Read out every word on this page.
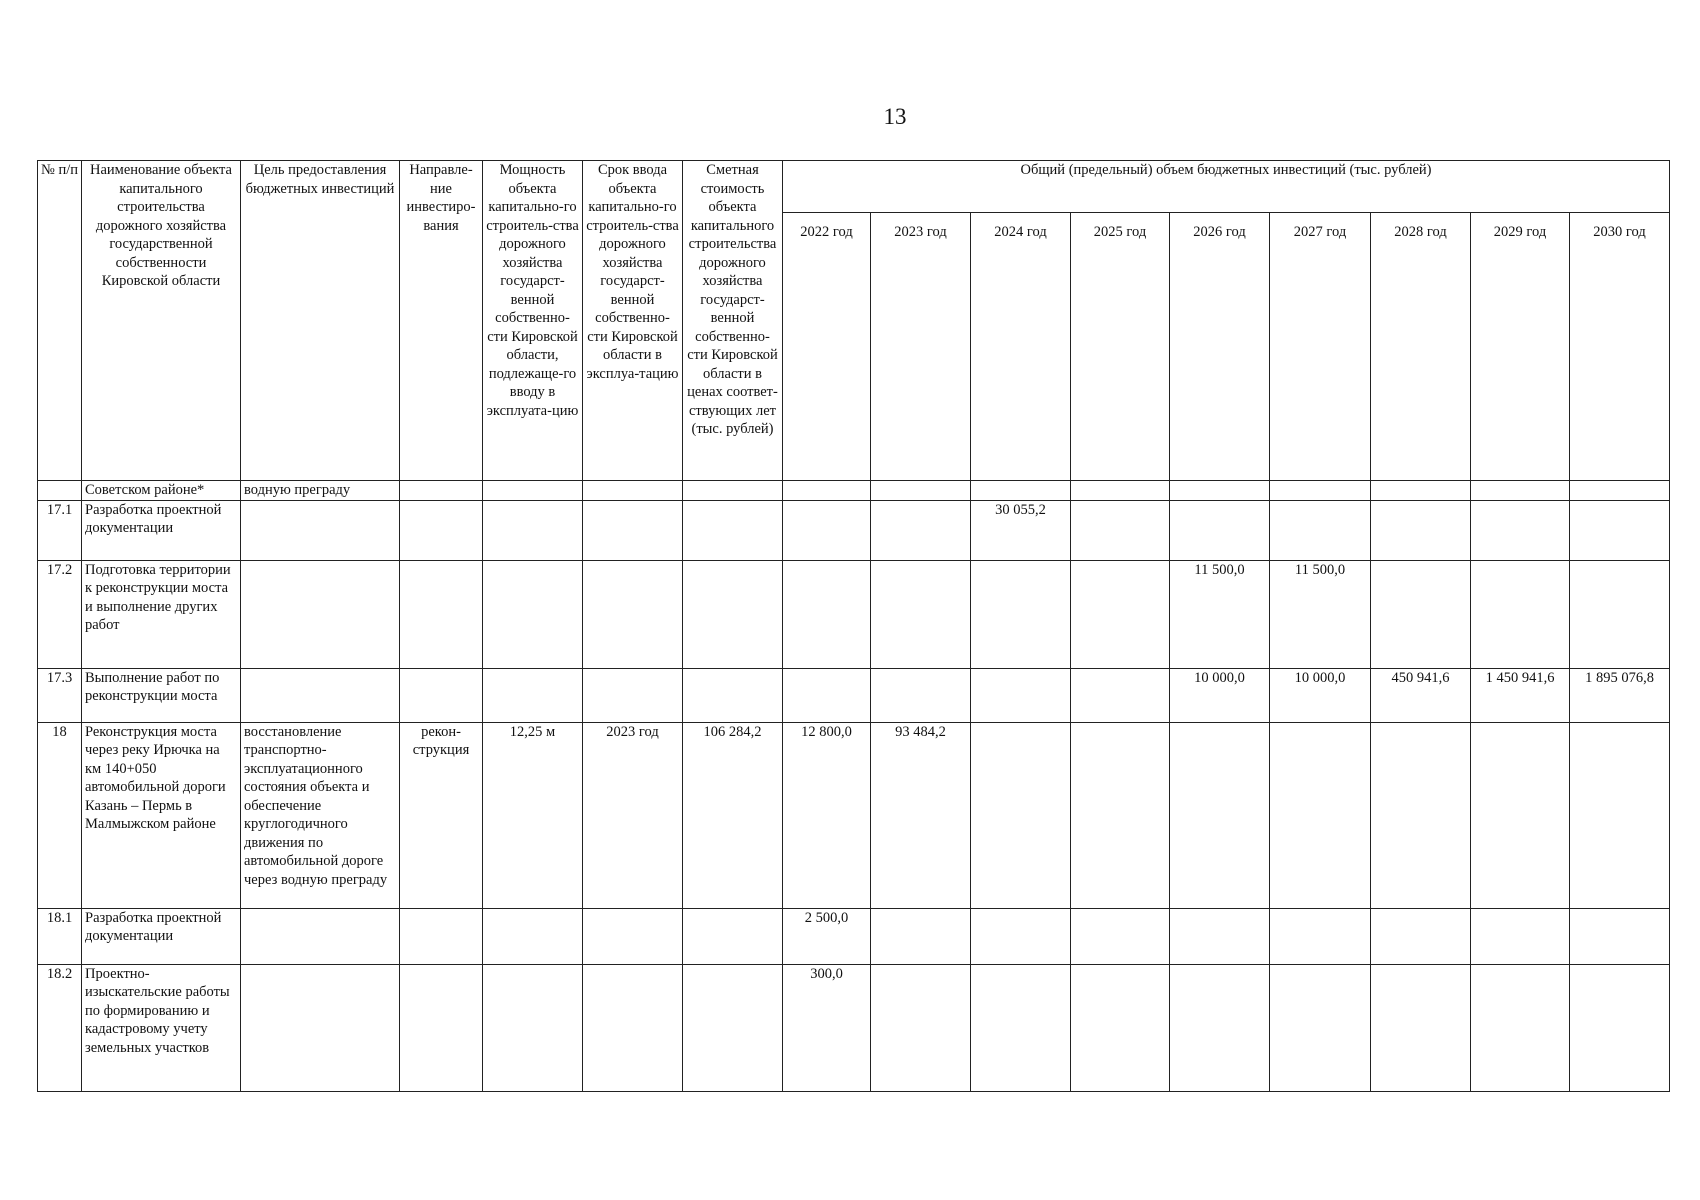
13
№ п/п	Наименование объекта капитального строительства дорожного хозяйства государственной собственности Кировской области	Цель предоставления бюджетных инвестиций	Направле-ние инвестиро-вания	Мощность объекта капитально-го строитель-ства дорожного хозяйства государст-венной собственно-сти Кировской области, подлежаще-го вводу в эксплуата-цию	Срок ввода объекта капитально-го строитель-ства дорожного хозяйства государст-венной собственно-сти Кировской области в эксплуа-тацию	Сметная стоимость объекта капитального строительства дорожного хозяйства государст-венной собственно-сти Кировской области в ценах соответ-ствующих лет (тыс. рублей)	Общий (предельный) объем бюджетных инвестиций (тыс. рублей)								
							2022 год	2023 год	2024 год	2025 год	2026 год	2027 год	2028 год	2029 год	2030 год
	Советском районе*	водную преграду													
17.1	Разработка проектной документации								30 055,2						
17.2	Подготовка территории к реконструкции моста и выполнение других работ										11 500,0	11 500,0			
17.3	Выполнение работ по реконструкции моста										10 000,0	10 000,0	450 941,6	1 450 941,6	1 895 076,8
18	Реконструкция моста через реку Ирючка на км 140+050 автомобильной дороги Казань – Пермь в Малмыжском районе	восстановление транспортно-эксплуатационного состояния объекта и обеспечение круглогодичного движения по автомобильной дороге через водную преграду	рекон-струкция	12,25 м	2023 год	106 284,2	12 800,0	93 484,2							
18.1	Разработка проектной документации						2 500,0								
18.2	Проектно-изыскательские работы по формированию и кадастровому учету земельных участков						300,0								
